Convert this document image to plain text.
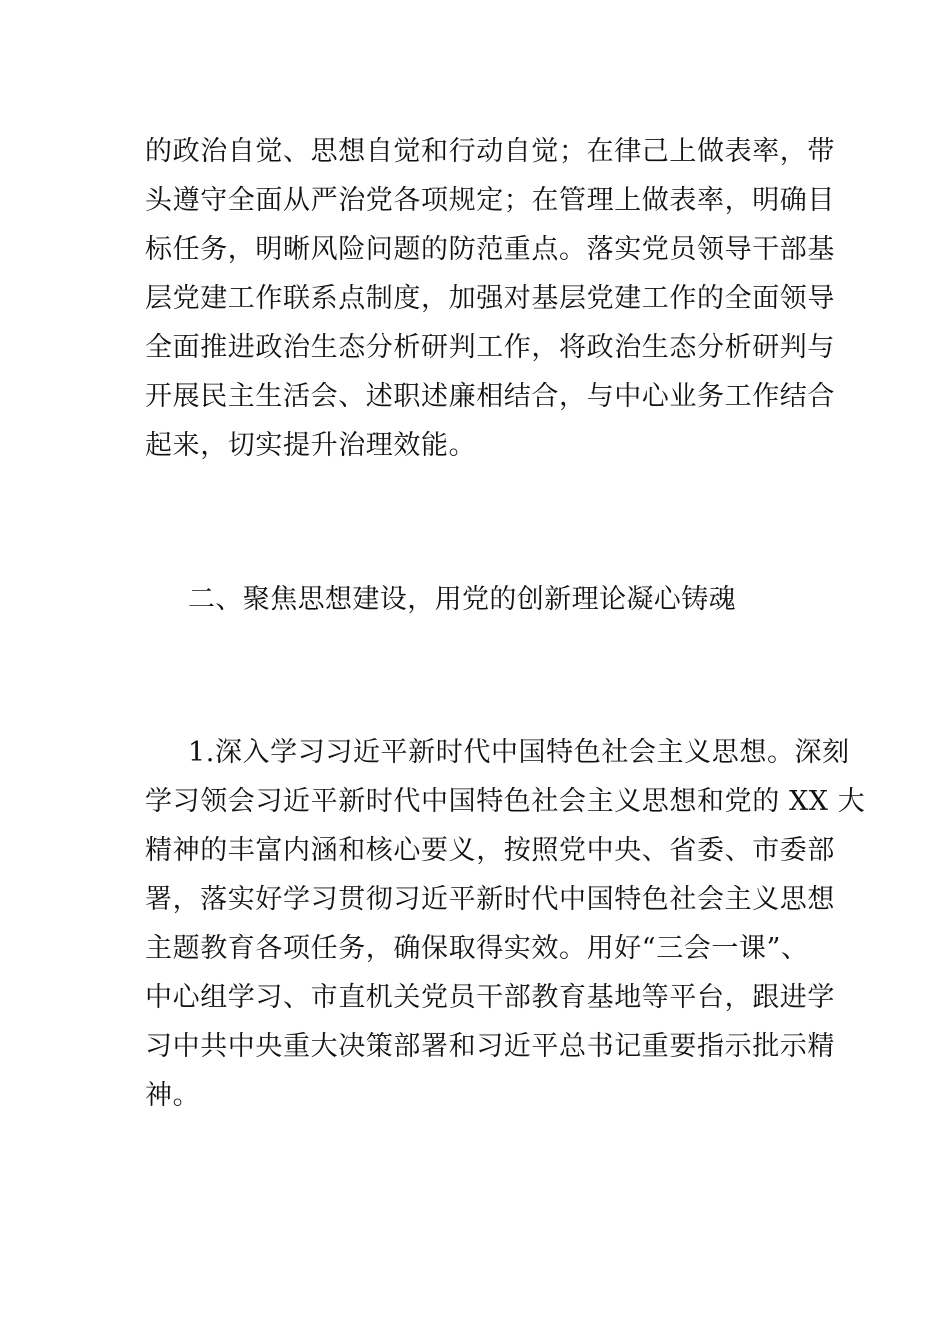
的政治自觉、思想自觉和行动自觉；在律己上做表率，带
头遵守全面从严治党各项规定；在管理上做表率，明确目
标任务，明晰风险问题的防范重点。落实党员领导干部基
层党建工作联系点制度，加强对基层党建工作的全面领导
全面推进政治生态分析研判工作，将政治生态分析研判与
开展民主生活会、述职述廉相结合，与中心业务工作结合
起来，切实提升治理效能。
二、聚焦思想建设，用党的创新理论凝心铸魂
1.深入学习习近平新时代中国特色社会主义思想。深刻
学习领会习近平新时代中国特色社会主义思想和党的 XX 大
精神的丰富内涵和核心要义，按照党中央、省委、市委部
署，落实好学习贯彻习近平新时代中国特色社会主义思想
主题教育各项任务，确保取得实效。用好“三会一课”、
中心组学习、市直机关党员干部教育基地等平台，跟进学
习中共中央重大决策部署和习近平总书记重要指示批示精
神。
